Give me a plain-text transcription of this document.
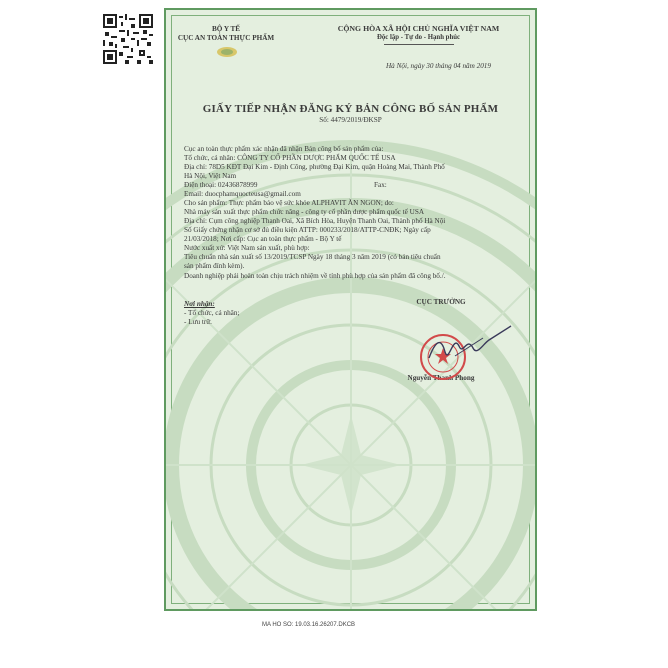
BỘ Y TẾ
CỤC AN TOÀN THỰC PHẨM
CỘNG HÒA XÃ HỘI CHỦ NGHĨA VIỆT NAM
Độc lập - Tự do - Hạnh phúc
Hà Nội, ngày 30 tháng 04 năm 2019
GIẤY TIẾP NHẬN ĐĂNG KÝ BẢN CÔNG BỐ SẢN PHẨM
Số: 4479/2019/ĐKSP
Cục an toàn thực phẩm xác nhận đã nhận Bản công bố sản phẩm của:
Tổ chức, cá nhân: CÔNG TY CỔ PHẦN DƯỢC PHẨM QUỐC TẾ USA
Địa chỉ: 78D5 KĐT Đại Kim - Định Công, phường Đại Kim, quận Hoàng Mai, Thành Phố
Hà Nội, Việt Nam
Điện thoại: 02436878999	Fax:
Email: duocphamquocteusa@gmail.com
Cho sản phẩm: Thực phẩm bảo vệ sức khỏe ALPHAVIT ĂN NGON; do:
Nhà máy sản xuất thực phẩm chức năng - công ty cổ phần dược phẩm quốc tế USA
Địa chỉ: Cụm công nghiệp Thanh Oai, Xã Bích Hòa, Huyện Thanh Oai, Thành phố Hà Nội
Số Giấy chứng nhận cơ sở đủ điều kiện ATTP: 000233/2018/ATTP-CNĐK; Ngày cấp
21/03/2018; Nơi cấp: Cục an toàn thực phẩm - Bộ Y tế
Nước xuất xứ: Việt Nam sản xuất, phù hợp:
Tiêu chuẩn nhà sản xuất số 13/2019/TCSP Ngày 18 tháng 3 năm 2019 (có bản tiêu chuẩn
sản phẩm đính kèm).
Doanh nghiệp phải hoàn toàn chịu trách nhiệm về tính phù hợp của sản phẩm đã công bố./.
Nơi nhận:
- Tổ chức, cá nhân;
- Lưu trữ.
CỤC TRƯỞNG
Nguyễn Thanh Phong
MA HO SO: 19.03.16.26207.DKCB
